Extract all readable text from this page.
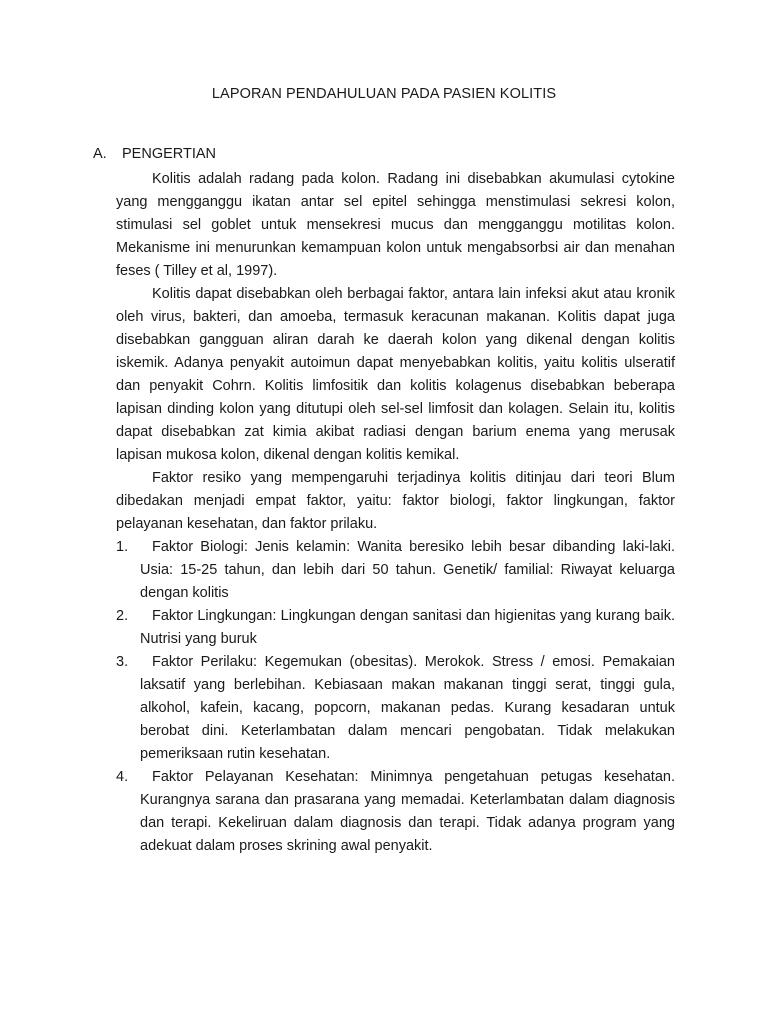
LAPORAN PENDAHULUAN PADA PASIEN KOLITIS
A. PENGERTIAN

Kolitis adalah radang pada kolon. Radang ini disebabkan akumulasi cytokine yang mengganggu ikatan antar sel epitel sehingga menstimulasi sekresi kolon, stimulasi sel goblet untuk mensekresi mucus dan mengganggu motilitas kolon. Mekanisme ini menurunkan kemampuan kolon untuk mengabsorbsi air dan menahan feses ( Tilley et al, 1997).

Kolitis dapat disebabkan oleh berbagai faktor, antara lain infeksi akut atau kronik oleh virus, bakteri, dan amoeba, termasuk keracunan makanan. Kolitis dapat juga disebabkan gangguan aliran darah ke daerah kolon yang dikenal dengan kolitis iskemik. Adanya penyakit autoimun dapat menyebabkan kolitis, yaitu kolitis ulseratif dan penyakit Cohrn. Kolitis limfositik dan kolitis kolagenus disebabkan beberapa lapisan dinding kolon yang ditutupi oleh sel-sel limfosit dan kolagen. Selain itu, kolitis dapat disebabkan zat kimia akibat radiasi dengan barium enema yang merusak lapisan mukosa kolon, dikenal dengan kolitis kemikal.

Faktor resiko yang mempengaruhi terjadinya kolitis ditinjau dari teori Blum dibedakan menjadi empat faktor, yaitu: faktor biologi, faktor lingkungan, faktor pelayanan kesehatan, dan faktor prilaku.

1. Faktor Biologi: Jenis kelamin: Wanita beresiko lebih besar dibanding laki-laki. Usia: 15-25 tahun, dan lebih dari 50 tahun. Genetik/ familial: Riwayat keluarga dengan kolitis
2. Faktor Lingkungan: Lingkungan dengan sanitasi dan higienitas yang kurang baik. Nutrisi yang buruk
3. Faktor Perilaku: Kegemukan (obesitas). Merokok. Stress / emosi. Pemakaian laksatif yang berlebihan. Kebiasaan makan makanan tinggi serat, tinggi gula, alkohol, kafein, kacang, popcorn, makanan pedas. Kurang kesadaran untuk berobat dini. Keterlambatan dalam mencari pengobatan. Tidak melakukan pemeriksaan rutin kesehatan.
4. Faktor Pelayanan Kesehatan: Minimnya pengetahuan petugas kesehatan. Kurangnya sarana dan prasarana yang memadai. Keterlambatan dalam diagnosis dan terapi. Kekeliruan dalam diagnosis dan terapi. Tidak adanya program yang adekuat dalam proses skrining awal penyakit.
